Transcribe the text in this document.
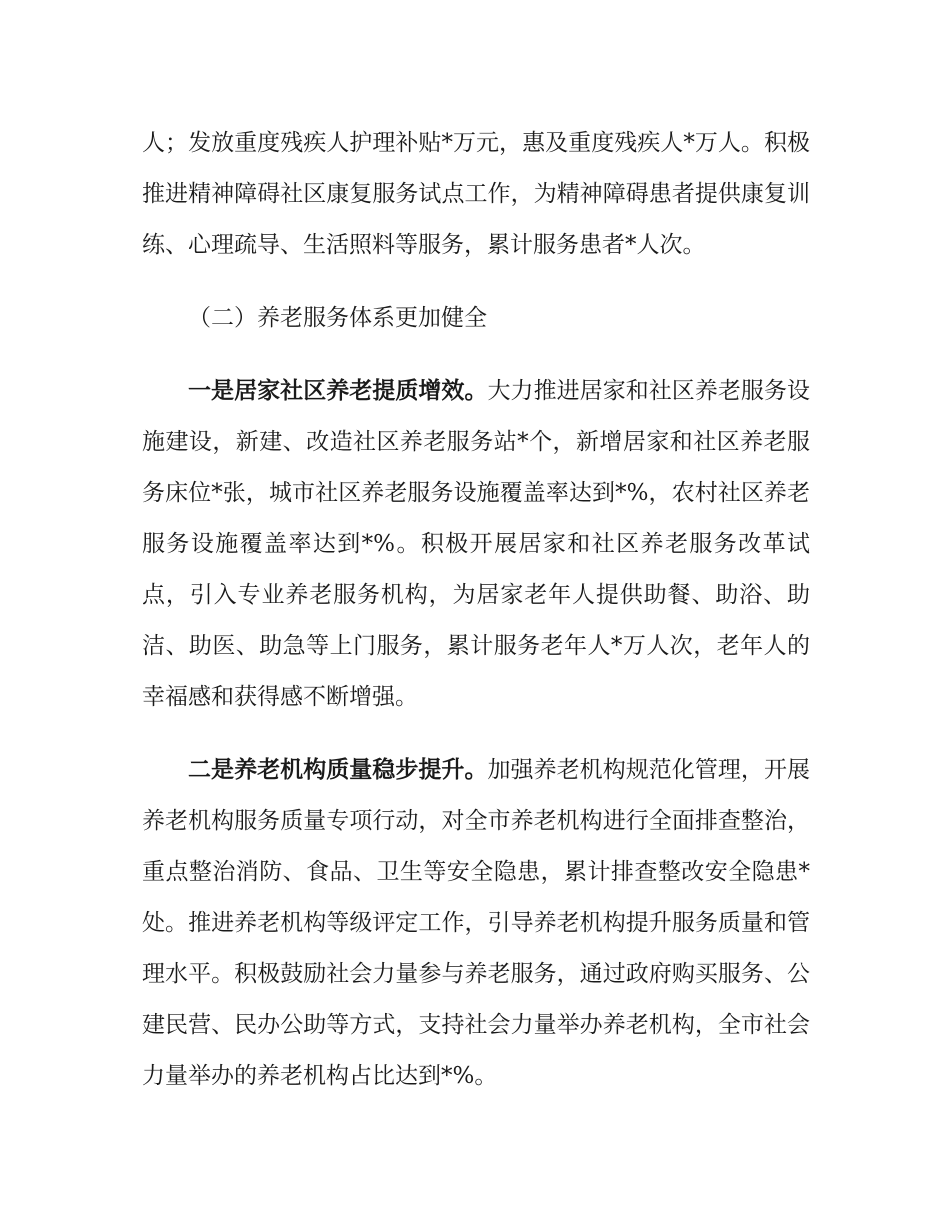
人；发放重度残疾人护理补贴*万元，惠及重度残疾人*万人。积极推进精神障碍社区康复服务试点工作，为精神障碍患者提供康复训练、心理疏导、生活照料等服务，累计服务患者*人次。

（二）养老服务体系更加健全

一是居家社区养老提质增效。大力推进居家和社区养老服务设施建设，新建、改造社区养老服务站*个，新增居家和社区养老服务床位*张，城市社区养老服务设施覆盖率达到*%，农村社区养老服务设施覆盖率达到*%。积极开展居家和社区养老服务改革试点，引入专业养老服务机构，为居家老年人提供助餐、助浴、助洁、助医、助急等上门服务，累计服务老年人*万人次，老年人的幸福感和获得感不断增强。

二是养老机构质量稳步提升。加强养老机构规范化管理，开展养老机构服务质量专项行动，对全市养老机构进行全面排查整治，重点整治消防、食品、卫生等安全隐患，累计排查整改安全隐患*处。推进养老机构等级评定工作，引导养老机构提升服务质量和管理水平。积极鼓励社会力量参与养老服务，通过政府购买服务、公建民营、民办公助等方式，支持社会力量举办养老机构，全市社会力量举办的养老机构占比达到*%。
